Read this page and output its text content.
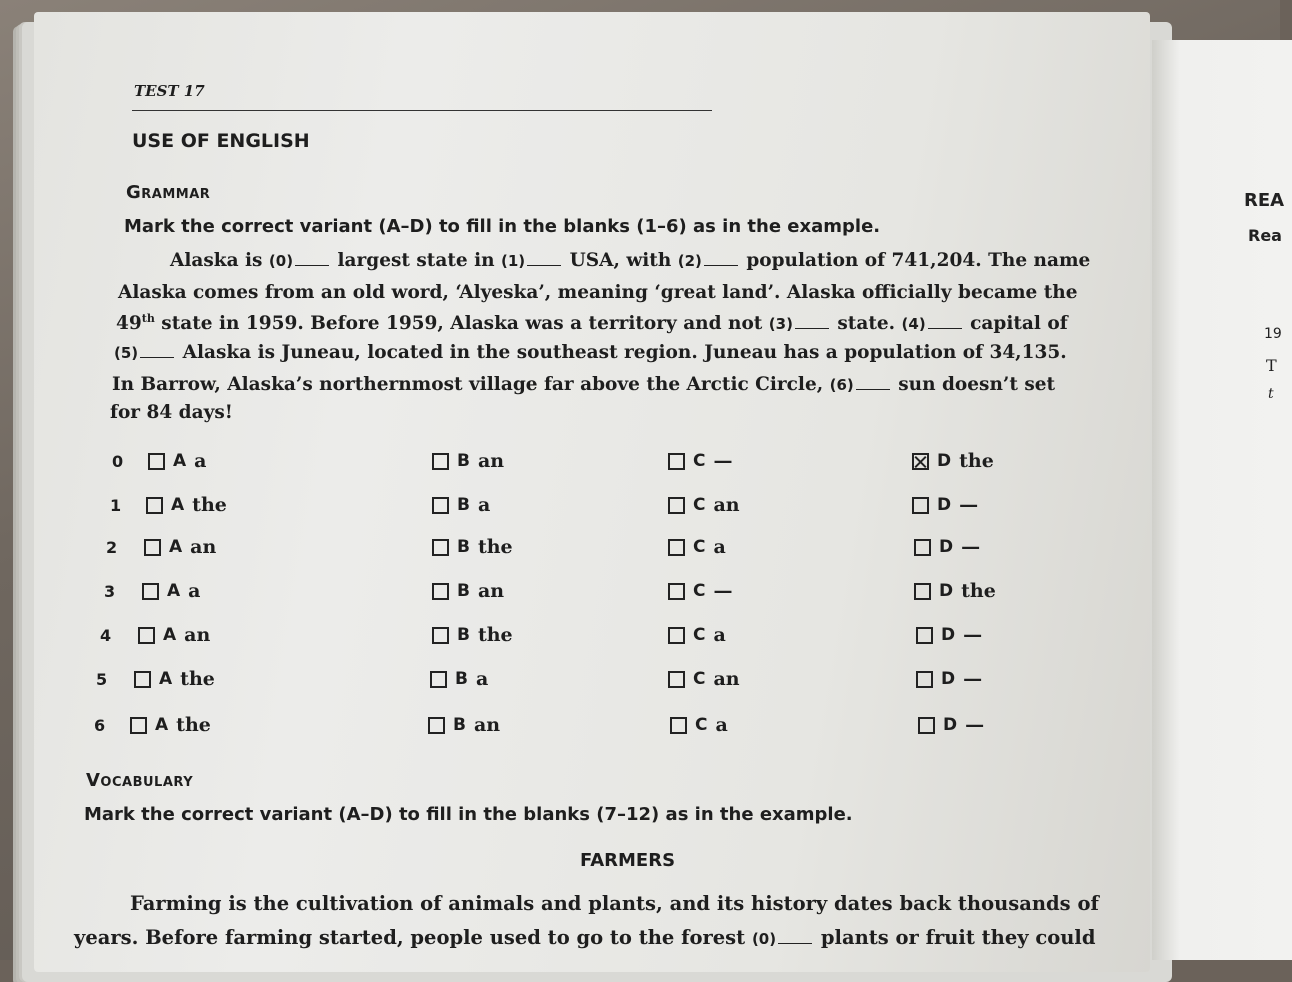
REA
Rea
19
T
t
TEST 17
USE OF ENGLISH
Grammar
Mark the correct variant (A–D) to fill in the blanks (1–6) as in the example.
Alaska is (0) largest state in (1) USA, with (2) population of 741,204. The name
Alaska comes from an old word, ‘Alyeska’, meaning ‘great land’. Alaska officially became the
49th state in 1959. Before 1959, Alaska was a territory and not (3) state. (4) capital of
(5) Alaska is Juneau, located in the southeast region. Juneau has a population of 34,135.
In Barrow, Alaska’s northernmost village far above the Arctic Circle, (6) sun doesn’t set
for 84 days!
0	A a	B an	C —	D the
1	A the	B a	C an	D —
2	A an	B the	C a	D —
3	A a	B an	C —	D the
4	A an	B the	C a	D —
5	A the	B a	C an	D —
6	A the	B an	C a	D —
Vocabulary
Mark the correct variant (A–D) to fill in the blanks (7–12) as in the example.
FARMERS
Farming is the cultivation of animals and plants, and its history dates back thousands of
years. Before farming started, people used to go to the forest (0) plants or fruit they could
